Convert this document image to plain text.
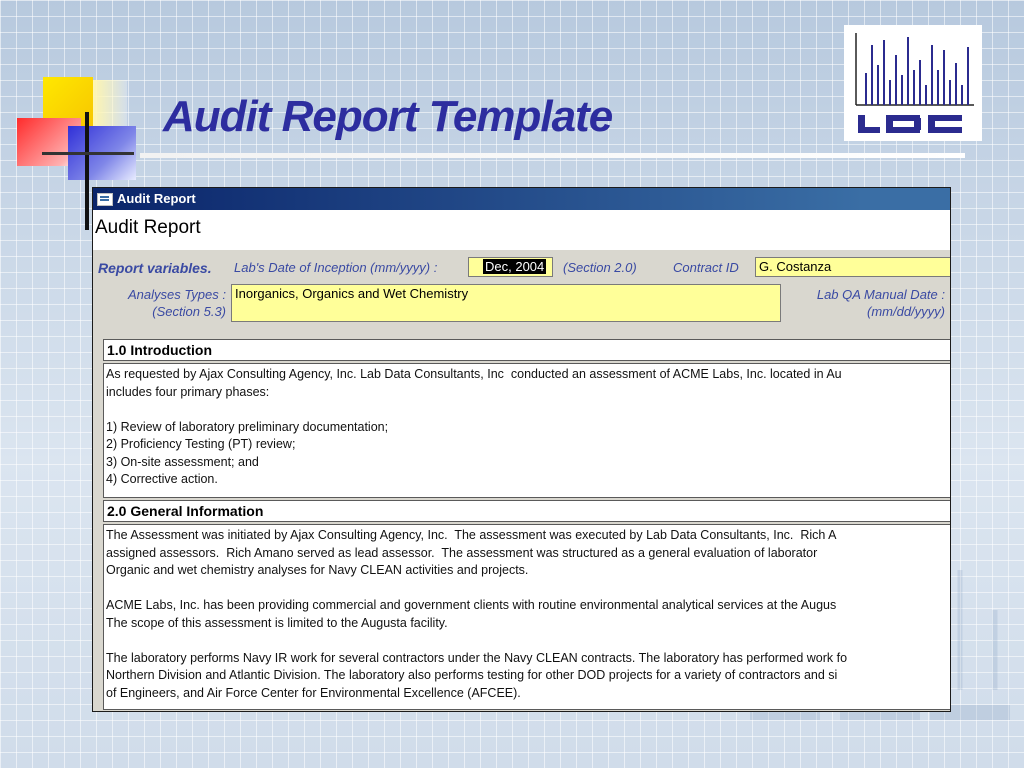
Audit Report Template
Audit Report
Audit Report
Report variables. Lab's Date of Inception (mm/yyyy) :	Dec, 2004	(Section 2.0)	Contract ID	G. Costanza
Analyses Types :
(Section 5.3)
Inorganics, Organics and Wet Chemistry	Lab QA Manual Date :
(mm/dd/yyyy)
1.0 Introduction
As requested by Ajax Consulting Agency, Inc. Lab Data Consultants, Inc  conducted an assessment of ACME Labs, Inc. located in Au
includes four primary phases:

1) Review of laboratory preliminary documentation;
2) Proficiency Testing (PT) review;
3) On-site assessment; and
4) Corrective action.
2.0 General Information
The Assessment was initiated by Ajax Consulting Agency, Inc.  The assessment was executed by Lab Data Consultants, Inc.  Rich A
assigned assessors.  Rich Amano served as lead assessor.  The assessment was structured as a general evaluation of laborator
Organic and wet chemistry analyses for Navy CLEAN activities and projects.

ACME Labs, Inc. has been providing commercial and government clients with routine environmental analytical services at the Augus
The scope of this assessment is limited to the Augusta facility.

The laboratory performs Navy IR work for several contractors under the Navy CLEAN contracts. The laboratory has performed work fo
Northern Division and Atlantic Division. The laboratory also performs testing for other DOD projects for a variety of contractors and si
of Engineers, and Air Force Center for Environmental Excellence (AFCEE).
